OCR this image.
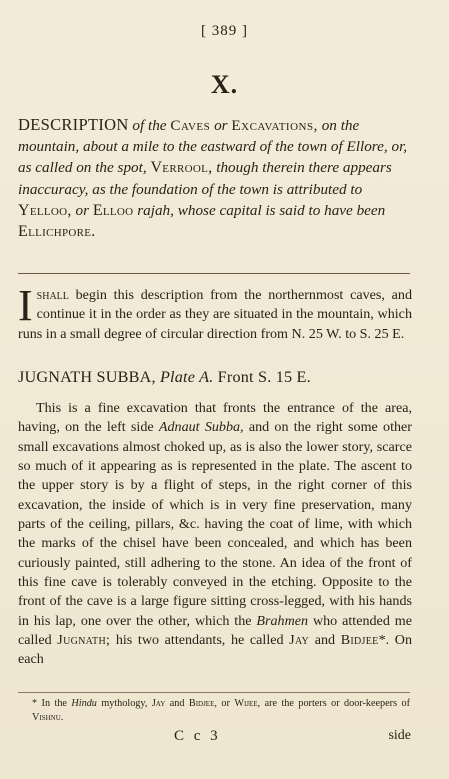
[ 389 ]
X.
DESCRIPTION of the Caves or Excavations, on the mountain, about a mile to the eastward of the town of Ellore, or, as called on the spot, Verrool, though therein there appears inaccuracy, as the foundation of the town is attributed to Yelloo, or Elloo rajah, whose capital is said to have been Ellichpore.
Ishall begin this description from the northernmost caves, and continue it in the order as they are situated in the mountain, which runs in a small degree of circular direction from N. 25 W. to S. 25 E.
JUGNATH SUBBA, Plate A. Front S. 15 E.
This is a fine excavation that fronts the entrance of the area, having, on the left side Adnaut Subba, and on the right some other small excavations almost choked up, as is also the lower story, scarce so much of it appearing as is represented in the plate. The ascent to the upper story is by a flight of steps, in the right corner of this excavation, the inside of which is in very fine preservation, many parts of the ceiling, pillars, &c. having the coat of lime, with which the marks of the chisel have been concealed, and which has been curiously painted, still adhering to the stone. An idea of the front of this fine cave is tolerably conveyed in the etching. Opposite to the front of the cave is a large figure sitting cross-legged, with his hands in his lap, one over the other, which the Brahmen who attended me called Jugnath; his two attendants, he called Jay and Bidjee*. On each
* In the Hindu mythology, Jay and Bidjee, or Wijee, are the porters or door-keepers of Vishnu.
C c 3	side
